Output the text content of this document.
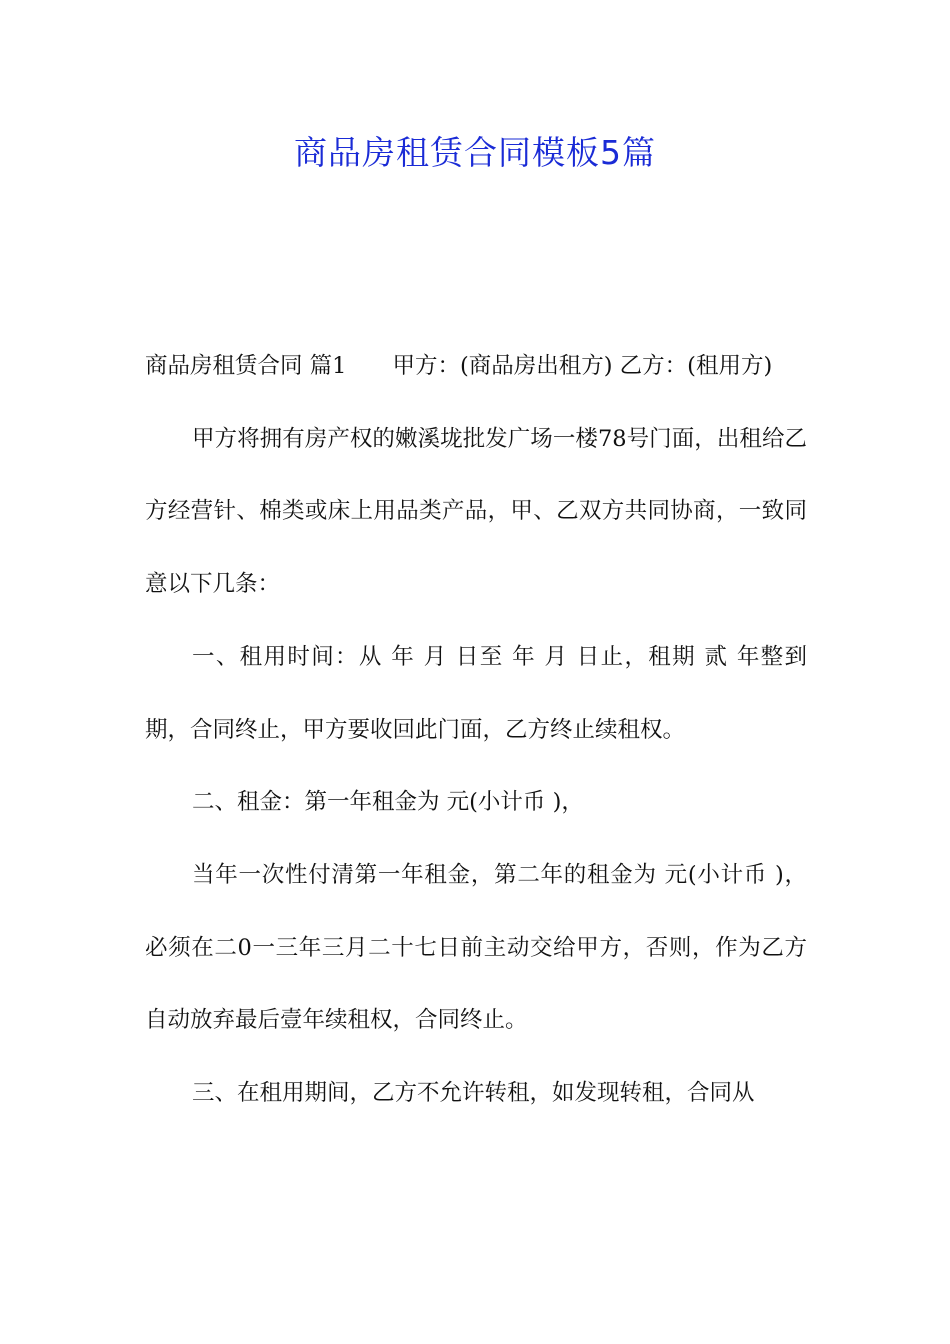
商品房租赁合同模板5篇

商品房租赁合同 篇1 甲方：(商品房出租方) 乙方：(租用方)

甲方将拥有房产权的嫩溪垅批发广场一楼78号门面，出租给乙方经营针、棉类或床上用品类产品，甲、乙双方共同协商，一致同意以下几条：

一、租用时间：从 年 月 日至 年 月 日止，租期 贰 年整到期，合同终止，甲方要收回此门面，乙方终止续租权。

二、租金：第一年租金为 元(小计币 )，

当年一次性付清第一年租金，第二年的租金为 元(小计币 )，必须在二0一三年三月二十七日前主动交给甲方，否则，作为乙方自动放弃最后壹年续租权，合同终止。

三、在租用期间，乙方不允许转租，如发现转租，合同从
